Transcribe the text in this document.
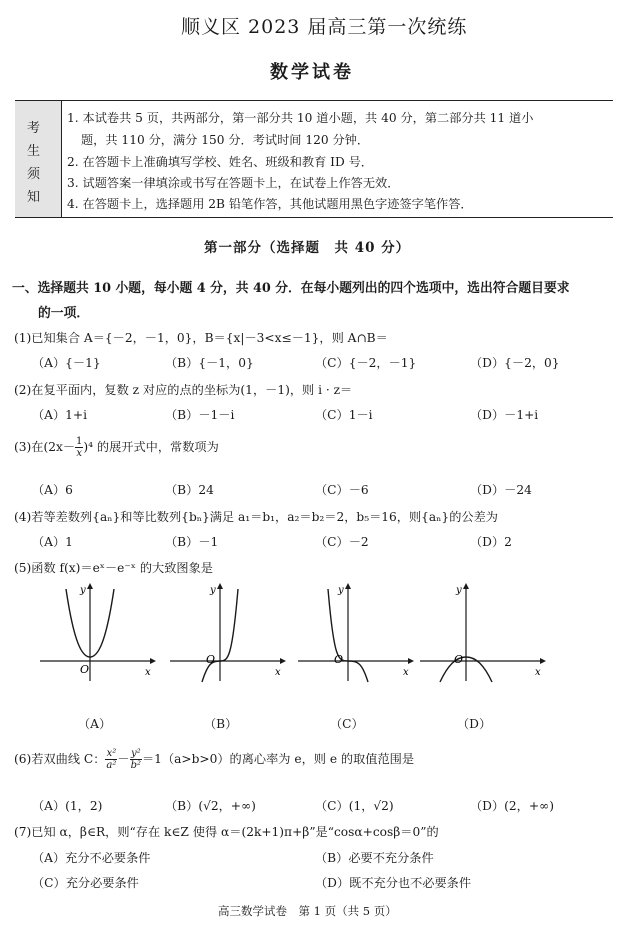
顺义区 2023 届高三第一次统练
数学试卷
考
生
须
知
1. 本试卷共 5 页，共两部分，第一部分共 10 道小题，共 40 分，第二部分共 11 道小
题，共 110 分，满分 150 分．考试时间 120 分钟．
2. 在答题卡上准确填写学校、姓名、班级和教育 ID 号．
3. 试题答案一律填涂或书写在答题卡上，在试卷上作答无效．
4. 在答题卡上，选择题用 2B 铅笔作答，其他试题用黑色字迹签字笔作答．
第一部分（选择题　共 40 分）
一、选择题共 10 小题，每小题 4 分，共 40 分．在每小题列出的四个选项中，选出符合题目要求
的一项．
(1)已知集合 A＝{－2，－1，0}，B＝{x|－3<x≤－1}，则 A∩B＝
（A）{－1}	（B）{－1，0}	（C）{－2，－1}	（D）{－2，0}
(2)在复平面内，复数 z 对应的点的坐标为(1，－1)，则 i · z＝
（A）1+i	（B）－1－i	（C）1－i	（D）－1+i
(3)在$(2x- \frac{1}{x} )^4$ 的展开式中，常数项为
（A）6	（B）24	（C）－6	（D）－24
(4)若等差数列{aₙ}和等比数列{bₙ}满足 a₁＝b₁，a₂＝b₂＝2，b₅＝16，则{aₙ}的公差为
（A）1	（B）－1	（C）－2	（D）2
(5)函数 f(x)＝eˣ－e⁻ˣ 的大致图象是
O	x
y
O
x
y
O
x
y
O
x
y
（A）	（B）	（C）	（D）
(6)若双曲线 C： $\frac{\text{x²}}{\text{a²}} - \frac{\text{y²}}{\text{b²}} =1(a>b>0)$的离心率为 e，则 e 的取值范围是
（A）(1，2)	（B）(√2，+∞)	（C）(1，√2)	（D）(2，+∞)
(7)已知 α，β∈R，则“存在 k∈Z 使得 α＝(2k+1)π+β”是“cosα+cosβ＝0”的
（A）充分不必要条件	（B）必要不充分条件
（C）充分必要条件	（D）既不充分也不必要条件
高三数学试卷　第 1 页（共 5 页）
